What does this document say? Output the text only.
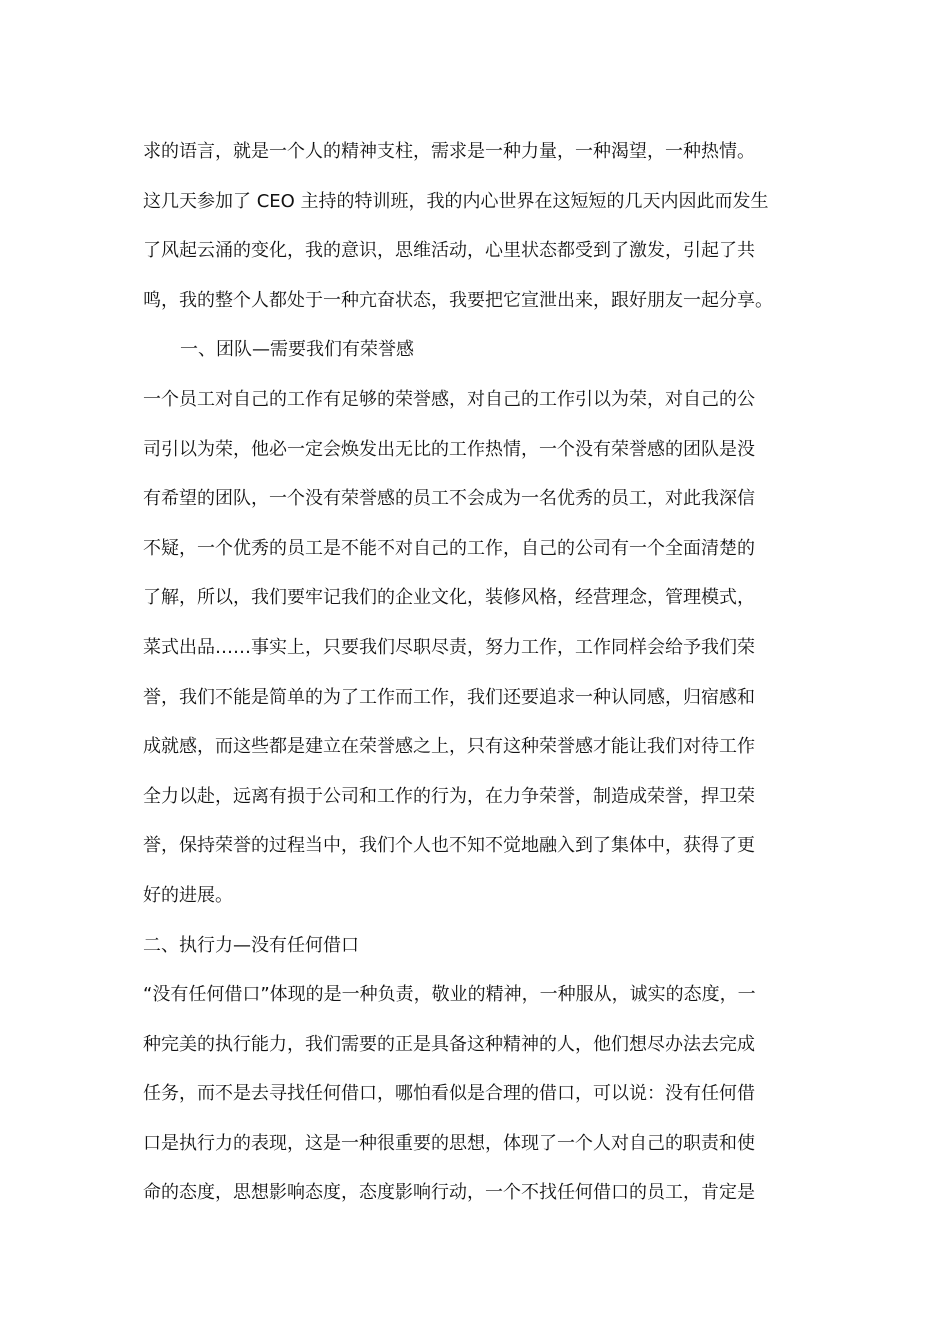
求的语言，就是一个人的精神支柱，需求是一种力量，一种渴望，一种热情。
这几天参加了 CEO 主持的特训班，我的内心世界在这短短的几天内因此而发生
了风起云涌的变化，我的意识，思维活动，心里状态都受到了激发，引起了共
鸣，我的整个人都处于一种亢奋状态，我要把它宣泄出来，跟好朋友一起分享。
一、团队—需要我们有荣誉感
一个员工对自己的工作有足够的荣誉感，对自己的工作引以为荣，对自己的公
司引以为荣，他必一定会焕发出无比的工作热情，一个没有荣誉感的团队是没
有希望的团队，一个没有荣誉感的员工不会成为一名优秀的员工，对此我深信
不疑，一个优秀的员工是不能不对自己的工作，自己的公司有一个全面清楚的
了解，所以，我们要牢记我们的企业文化，装修风格，经营理念，管理模式，
菜式出品……事实上，只要我们尽职尽责，努力工作，工作同样会给予我们荣
誉，我们不能是简单的为了工作而工作，我们还要追求一种认同感，归宿感和
成就感，而这些都是建立在荣誉感之上，只有这种荣誉感才能让我们对待工作
全力以赴，远离有损于公司和工作的行为，在力争荣誉，制造成荣誉，捍卫荣
誉，保持荣誉的过程当中，我们个人也不知不觉地融入到了集体中，获得了更
好的进展。
二、执行力—没有任何借口
“没有任何借口”体现的是一种负责，敬业的精神，一种服从，诚实的态度，一
种完美的执行能力，我们需要的正是具备这种精神的人，他们想尽办法去完成
任务，而不是去寻找任何借口，哪怕看似是合理的借口，可以说：没有任何借
口是执行力的表现，这是一种很重要的思想，体现了一个人对自己的职责和使
命的态度，思想影响态度，态度影响行动，一个不找任何借口的员工，肯定是
